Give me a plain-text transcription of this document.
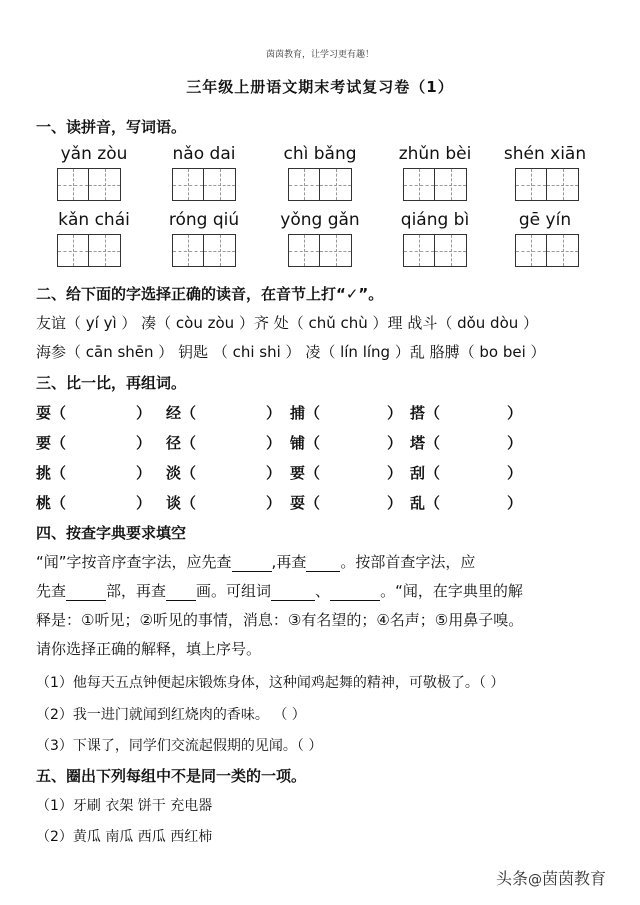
茵茵教育，让学习更有趣！
三年级上册语文期末考试复习卷（1）
一、读拼音，写词语。
yǎn zòu	nǎo dai	chì bǎng	zhǔn bèi	shén xiān
kǎn chái	róng qiú	yǒng gǎn	qiáng bì	gē yín
二、给下面的字选择正确的读音，在音节上打“✓”。
友谊（ yí yì ） 凑（ còu zòu ）齐 处（ chǔ chù ）理 战斗（ dǒu dòu ）
海参（ cān shēn ） 钥匙 （ chi shi ） 凌（ lín líng ）乱 胳膊（ bo bei ）
三、比一比，再组词。
耍（	） 经（	） 捕（	） 搭（	）
要（	） 径（	） 铺（	） 塔（	）
挑（	） 淡（	） 要（	） 刮（	）
桃（	） 谈（	） 耍（	） 乱（	）
四、按查字典要求填空
“闻”字按音序查字法，应先查	,再查 。按部首查字法，应
先查	部，再查 画。可组词	、	。“闻，在字典里的解
释是：①听见；②听见的事情，消息：③有名望的；④名声；⑤用鼻子嗅。
请你选择正确的解释，填上序号。
（1）他每天五点钟便起床锻炼身体，这种闻鸡起舞的精神，可敬极了。（ ）
（2）我一进门就闻到红烧肉的香味。 （ ）
（3）下课了，同学们交流起假期的见闻。（ ）
五、圈出下列每组中不是同一类的一项。
（1）牙刷 衣架 饼干 充电器
（2）黄瓜 南瓜 西瓜 西红柿
头条@茵茵教育
